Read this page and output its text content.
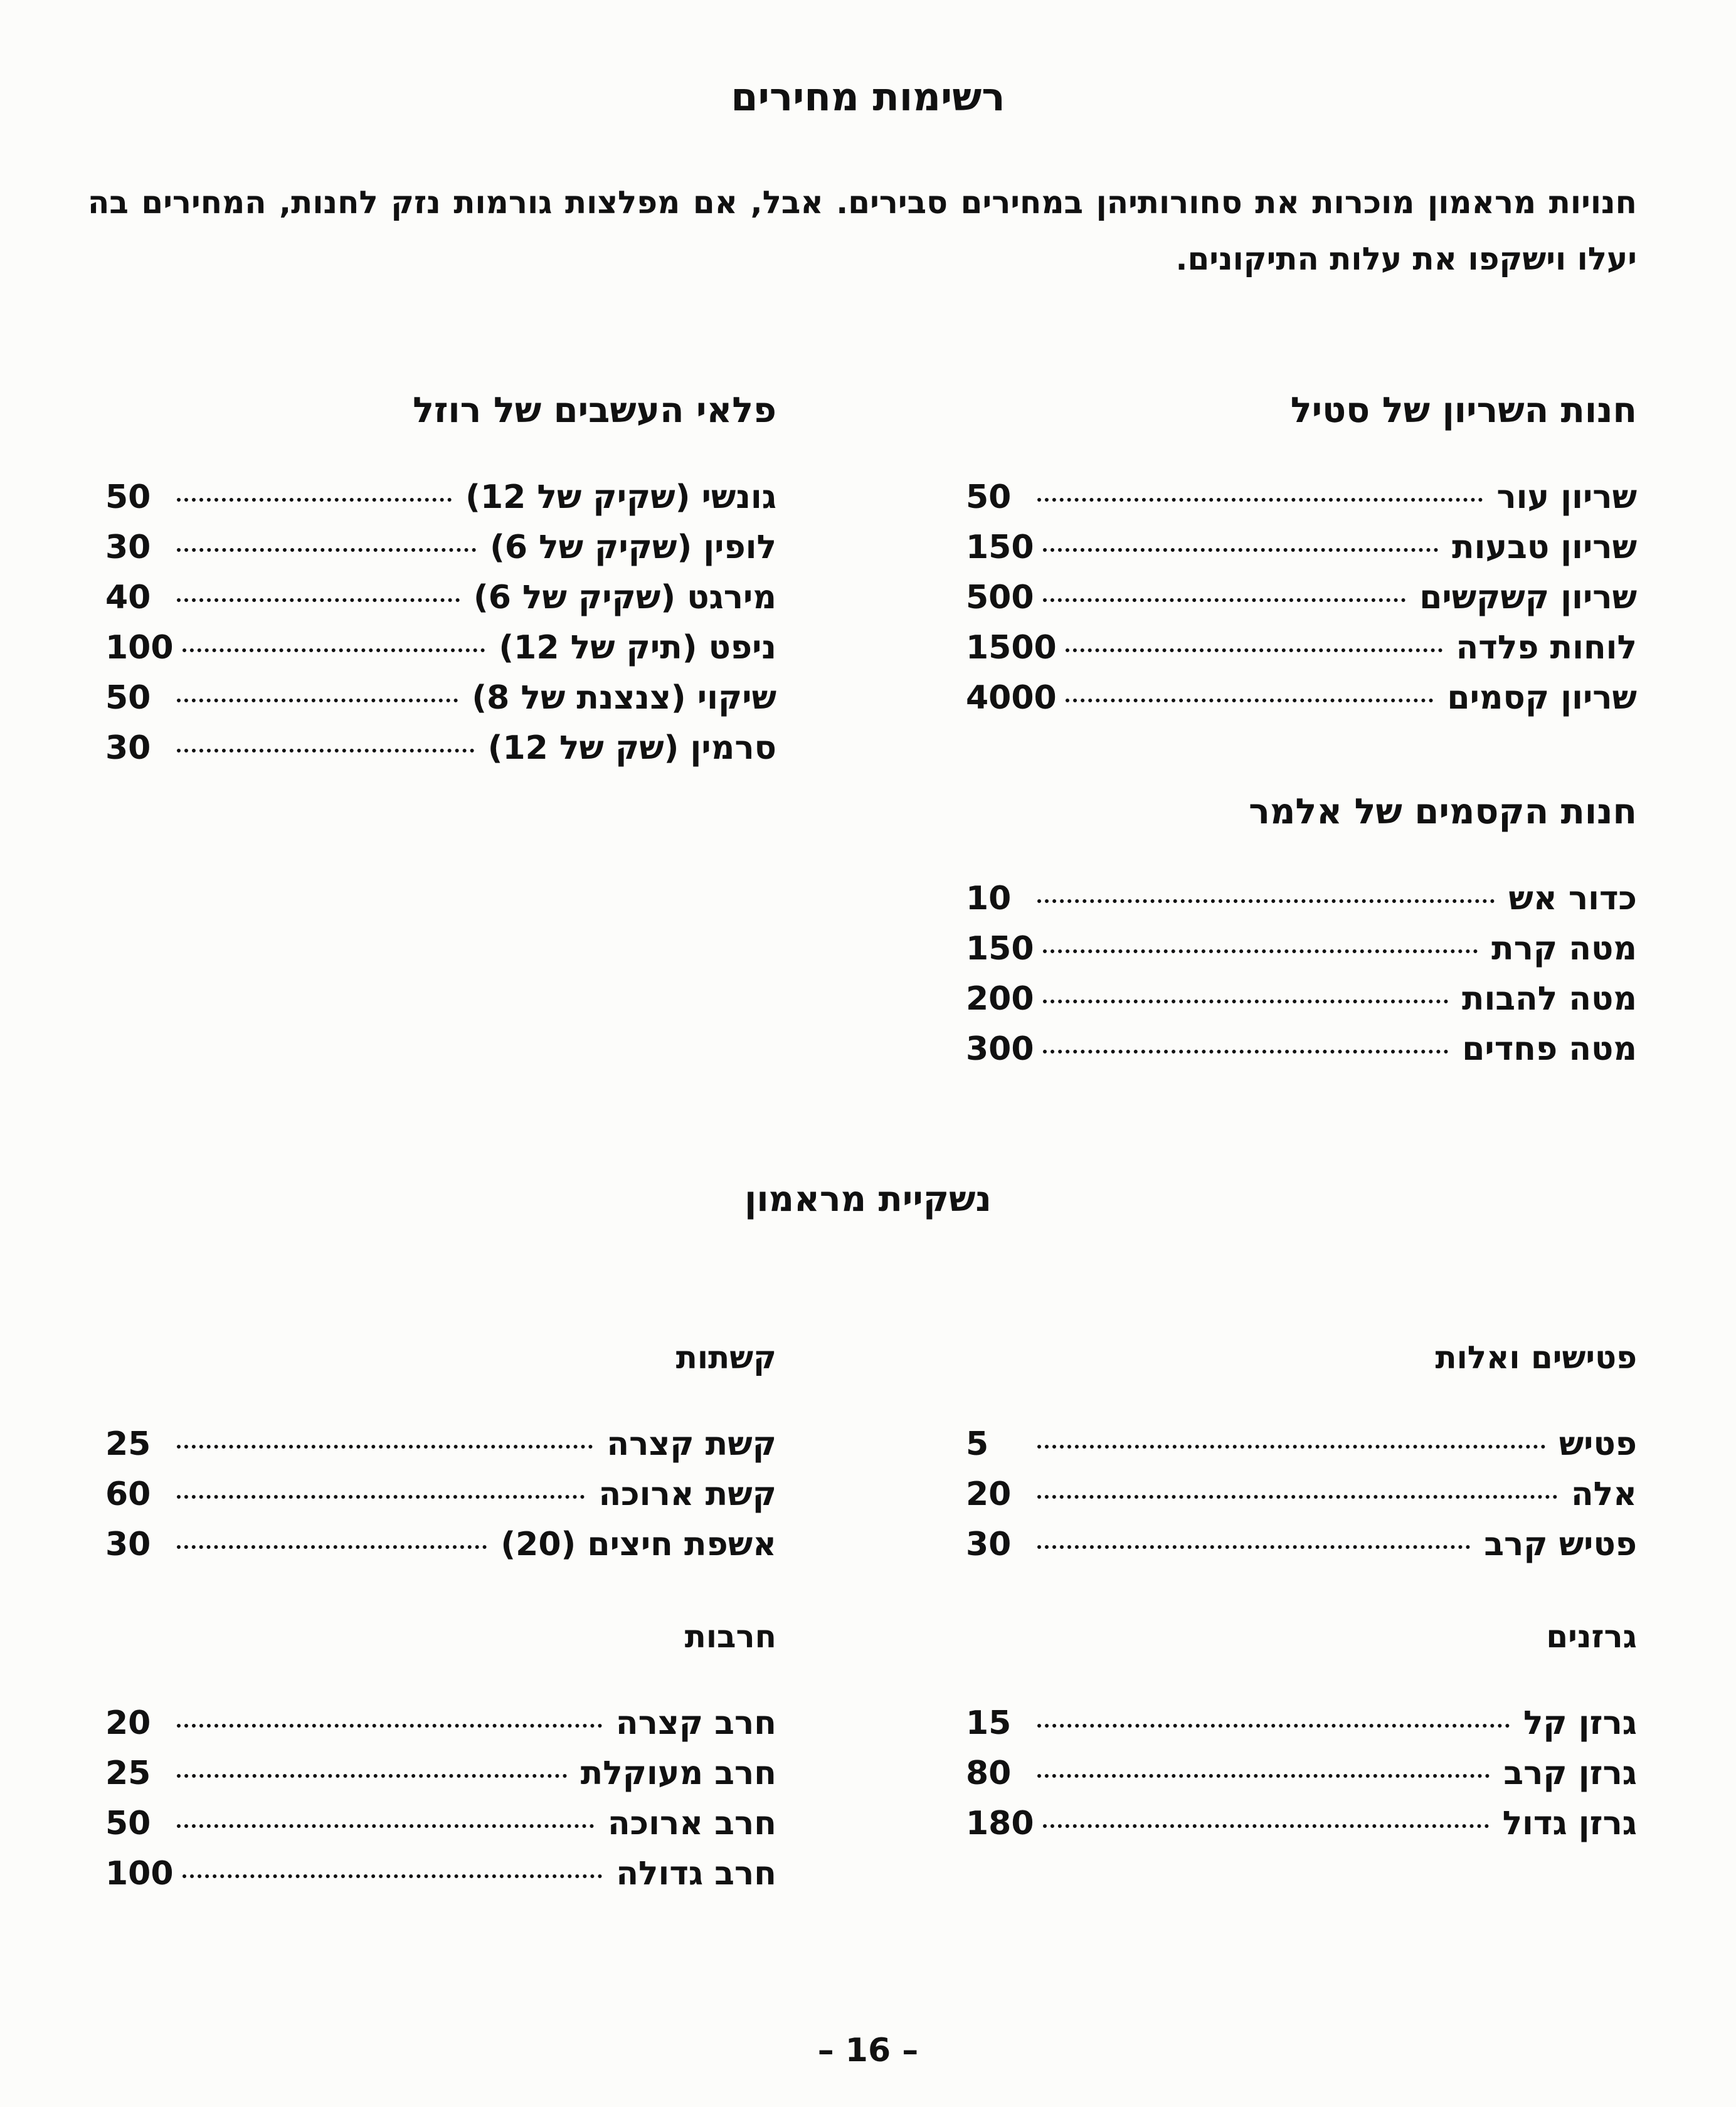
רשימות מחירים

חנויות מראמון מוכרות את סחורותיהן במחירים סבירים. אבל, אם מפלצות גורמות נזק לחנות, המחירים בה יעלו וישקפו את עלות התיקונים.

חנות השריון של סטיל
שריון עור
50
שריון טבעות
150
שריון קשקשים
500
לוחות פלדה
1500
שריון קסמים
4000
פלאי העשבים של רוזל
גונשי (שקיק של 12)
50
לופין (שקיק של 6)
30
מירגט (שקיק של 6)
40
ניפט (תיק של 12)
100
שיקוי (צנצנת של 8)
50
סרמין (שק של 12)
30
חנות הקסמים של אלמר
כדור אש
10
מטה קרת
150
מטה להבות
200
מטה פחדים
300
נשקיית מראמון
פטישים ואלות
פטיש
5
אלה
20
פטיש קרב
30
קשתות
קשת קצרה
25
קשת ארוכה
60
אשפת חיצים (20)
30
גרזנים
גרזן קל
15
גרזן קרב
80
גרזן גדול
180
חרבות
חרב קצרה
20
חרב מעוקלת
25
חרב ארוכה
50
חרב גדולה
100

– 16 –
